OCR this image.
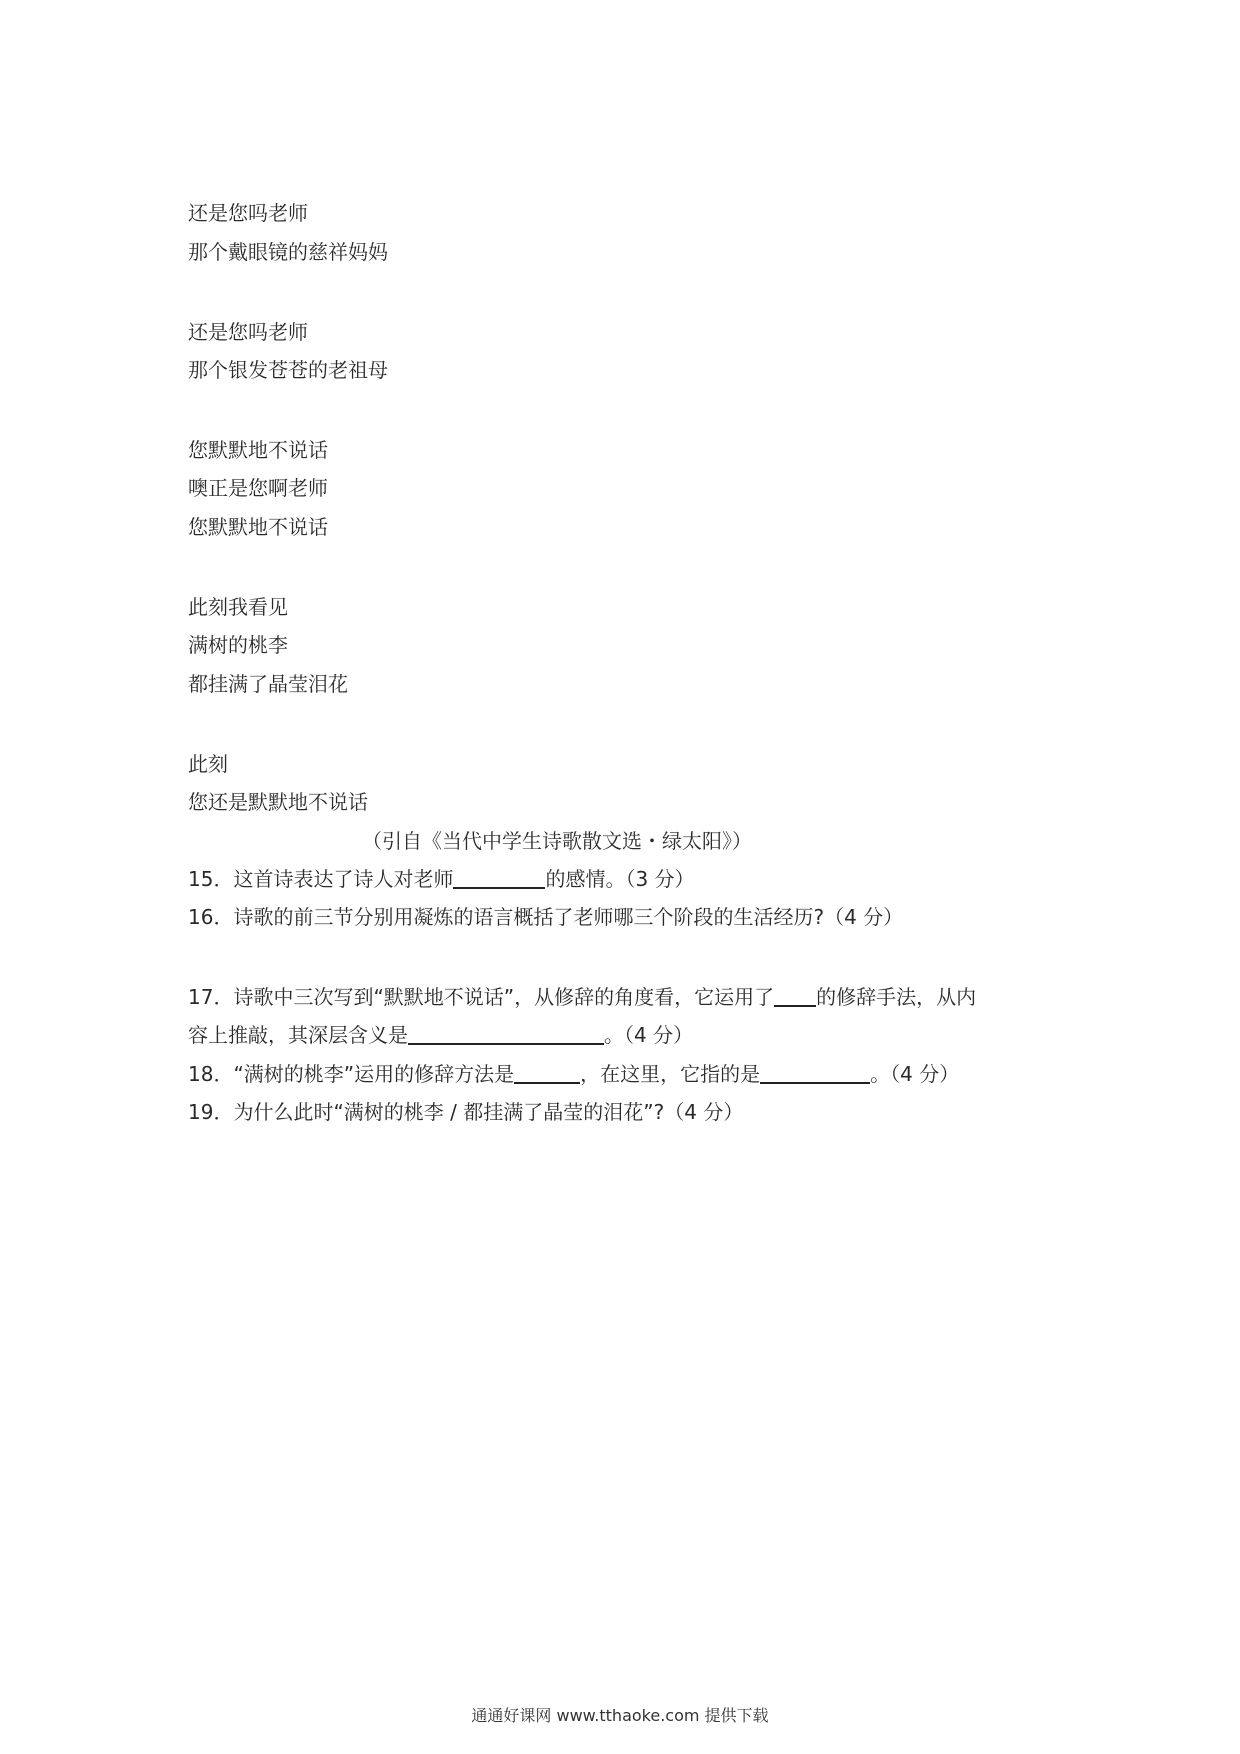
还是您吗老师
那个戴眼镜的慈祥妈妈
还是您吗老师
那个银发苍苍的老祖母
您默默地不说话
噢正是您啊老师
您默默地不说话
此刻我看见
满树的桃李
都挂满了晶莹泪花
此刻
您还是默默地不说话
（引自《当代中学生诗歌散文选・绿太阳》）
15．这首诗表达了诗人对老师	的感情。（3 分）
16．诗歌的前三节分别用凝炼的语言概括了老师哪三个阶段的生活经历?（4 分）
17．诗歌中三次写到“默默地不说话”，从修辞的角度看，它运用了 的修辞手法，从内
容上推敲，其深层含义是	。（4 分）
18．“满树的桃李”运用的修辞方法是	，在这里，它指的是	。（4 分）
19．为什么此时“满树的桃李 / 都挂满了晶莹的泪花”?（4 分）
通通好课网 www.tthaoke.com 提供下载
